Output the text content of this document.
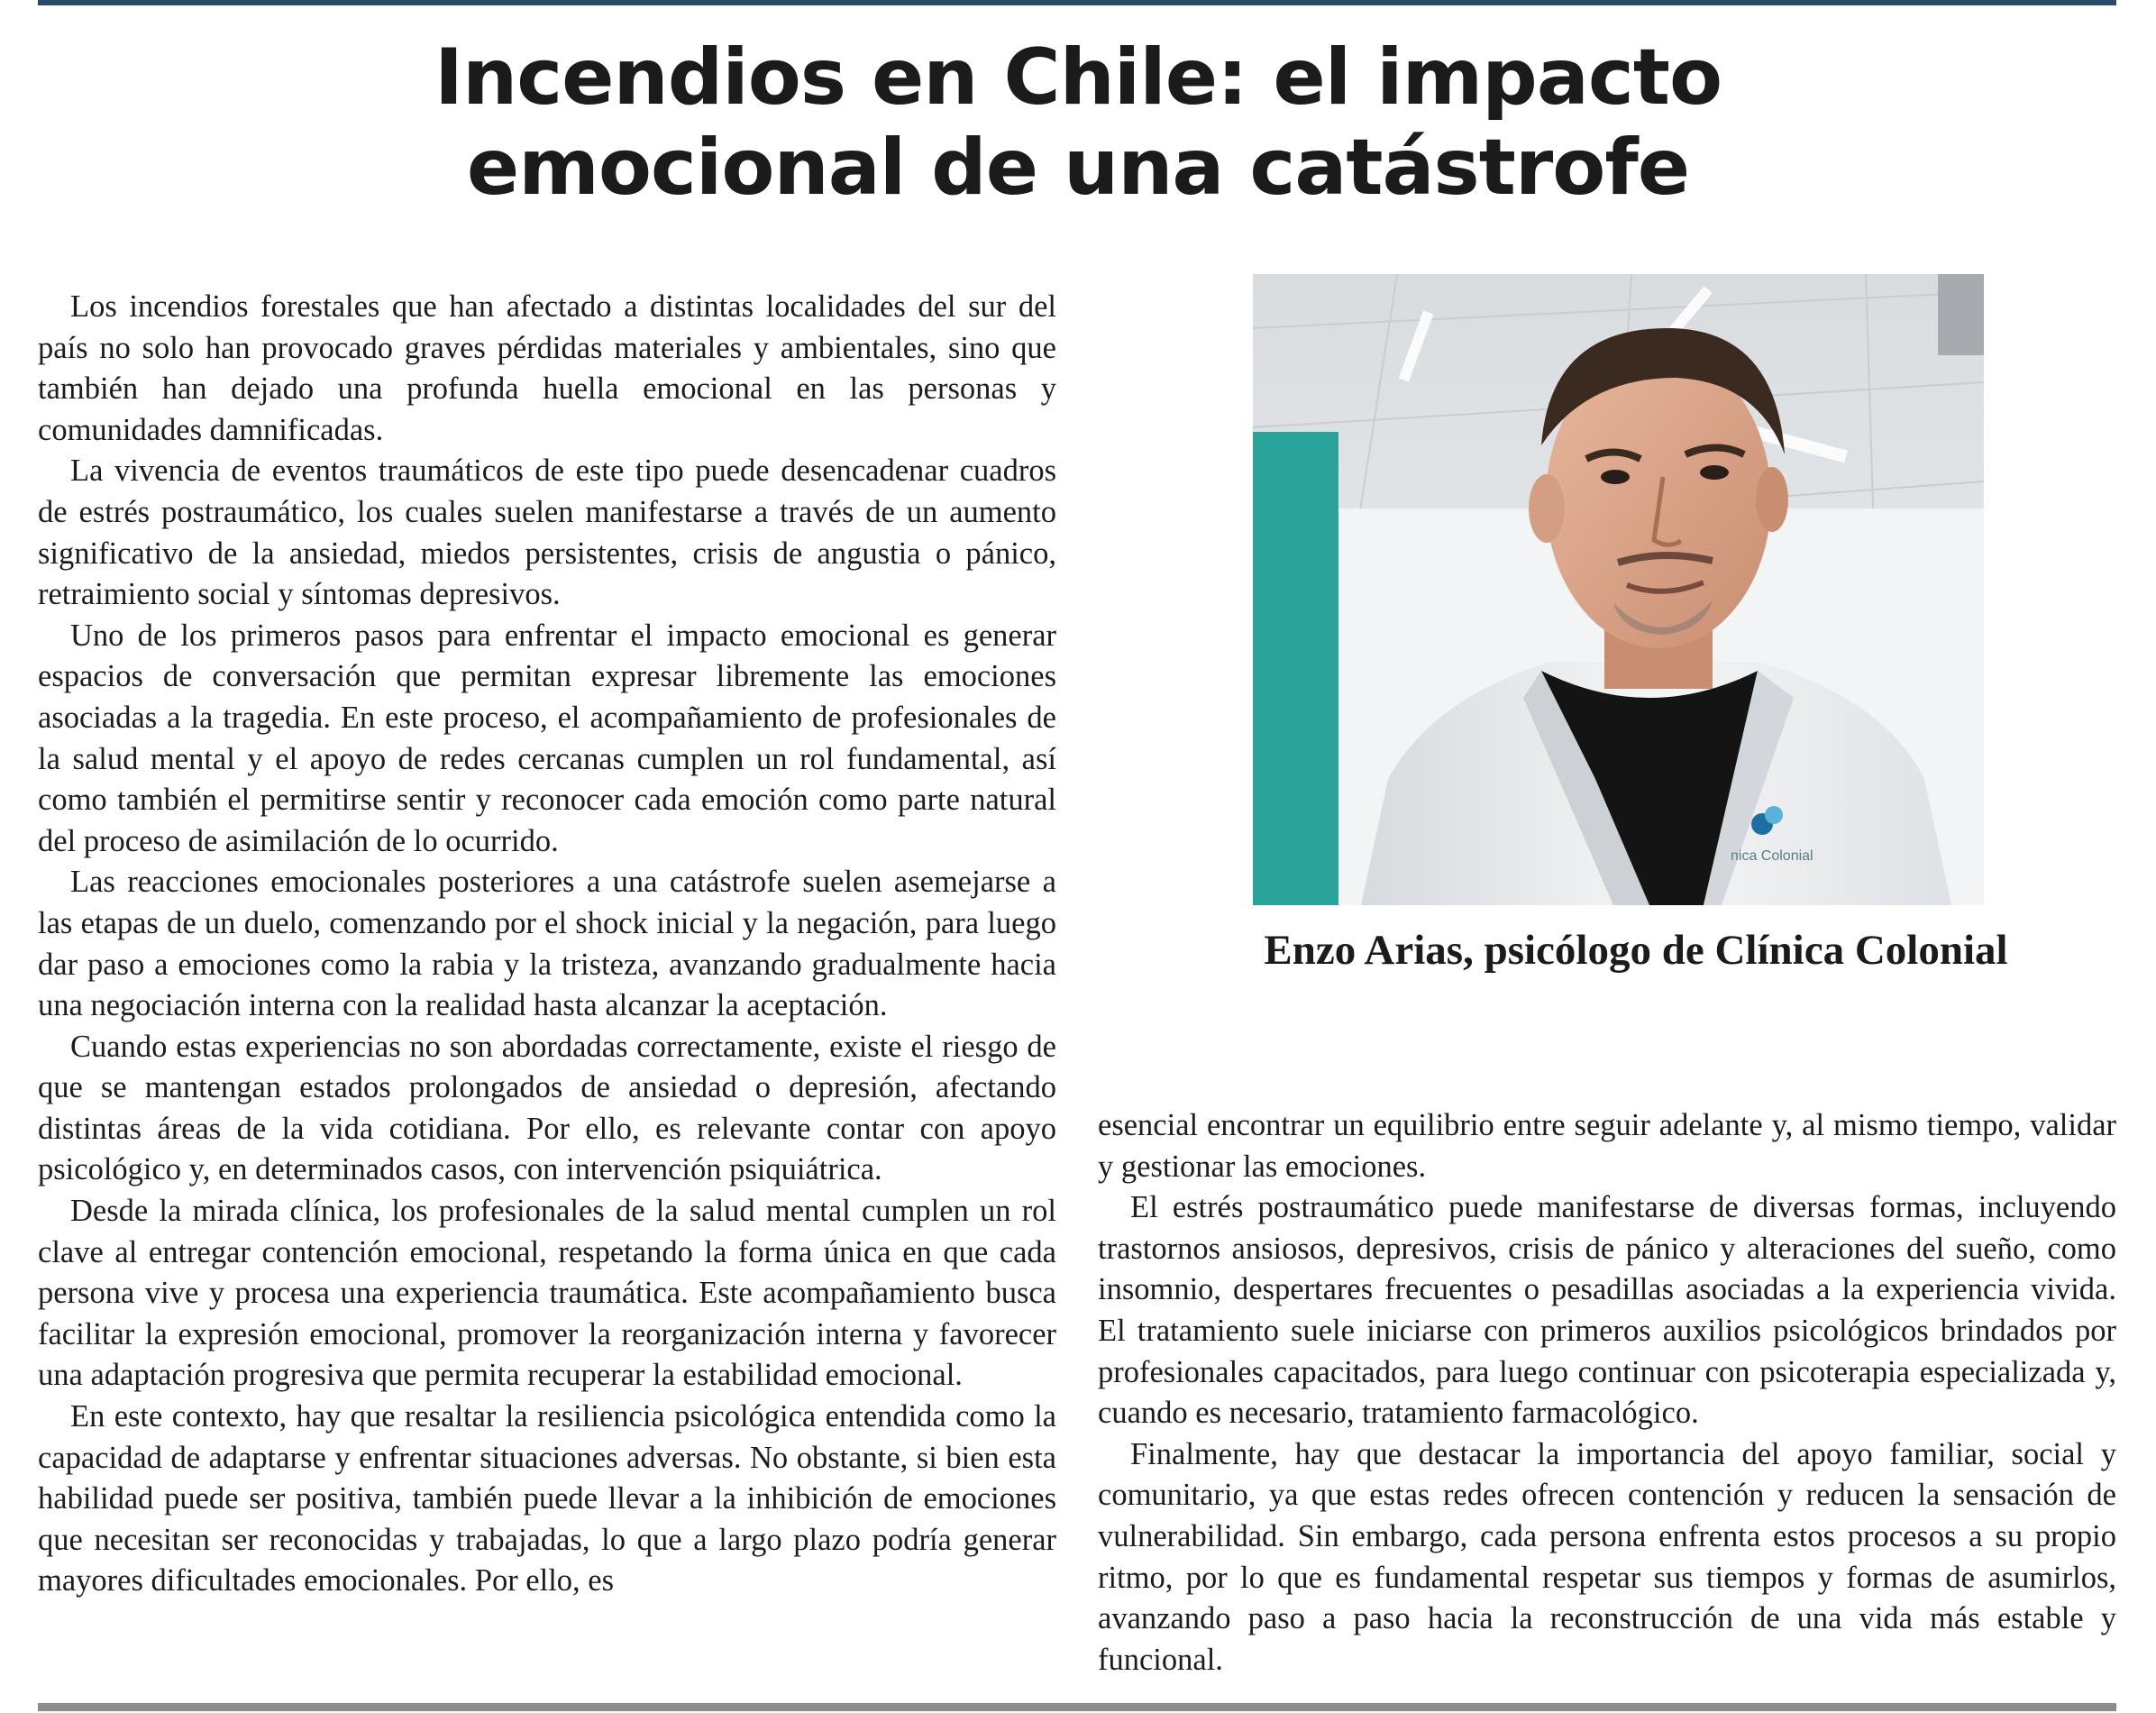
Incendios en Chile: el impacto
emocional de una catástrofe

Los incendios forestales que han afectado a distintas localidades del sur del país no solo han provocado graves pérdidas materiales y ambientales, sino que también han dejado una profunda huella emocional en las personas y comunidades damnificadas.

La vivencia de eventos traumáticos de este tipo puede desencadenar cuadros de estrés postraumático, los cuales suelen manifestarse a través de un aumento significativo de la ansiedad, miedos persistentes, crisis de angustia o pánico, retraimiento social y síntomas depresivos.

Uno de los primeros pasos para enfrentar el impacto emocional es generar espacios de conversación que permitan expresar libremente las emociones asociadas a la tragedia. En este proceso, el acompañamiento de profesionales de la salud mental y el apoyo de redes cercanas cumplen un rol fundamental, así como también el permitirse sentir y reconocer cada emoción como parte natural del proceso de asimilación de lo ocurrido.

Las reacciones emocionales posteriores a una catástrofe suelen asemejarse a las etapas de un duelo, comenzando por el shock inicial y la negación, para luego dar paso a emociones como la rabia y la tristeza, avanzando gradualmente hacia una negociación interna con la realidad hasta alcanzar la aceptación.

Cuando estas experiencias no son abordadas correctamente, existe el riesgo de que se mantengan estados prolongados de ansiedad o depresión, afectando distintas áreas de la vida cotidiana. Por ello, es relevante contar con apoyo psicológico y, en determinados casos, con intervención psiquiátrica.

Desde la mirada clínica, los profesionales de la salud mental cumplen un rol clave al entregar contención emocional, respetando la forma única en que cada persona vive y procesa una experiencia traumática. Este acompañamiento busca facilitar la expresión emocional, promover la reorganización interna y favorecer una adaptación progresiva que permita recuperar la estabilidad emocional.

En este contexto, hay que resaltar la resiliencia psicológica entendida como la capacidad de adaptarse y enfrentar situaciones adversas. No obstante, si bien esta habilidad puede ser positiva, también puede llevar a la inhibición de emociones que necesitan ser reconocidas y trabajadas, lo que a largo plazo podría generar mayores dificultades emocionales. Por ello, es

nica Colonial
Enzo Arias, psicólogo de Clínica Colonial

esencial encontrar un equilibrio entre seguir adelante y, al mismo tiempo, validar y gestionar las emociones.

El estrés postraumático puede manifestarse de diversas formas, incluyendo trastornos ansiosos, depresivos, crisis de pánico y alteraciones del sueño, como insomnio, despertares frecuentes o pesadillas asociadas a la experiencia vivida. El tratamiento suele iniciarse con primeros auxilios psicológicos brindados por profesionales capacitados, para luego continuar con psicoterapia especializada y, cuando es necesario, tratamiento farmacológico.

Finalmente, hay que destacar la importancia del apoyo familiar, social y comunitario, ya que estas redes ofrecen contención y reducen la sensación de vulnerabilidad. Sin embargo, cada persona enfrenta estos procesos a su propio ritmo, por lo que es fundamental respetar sus tiempos y formas de asumirlos, avanzando paso a paso hacia la reconstrucción de una vida más estable y funcional.
